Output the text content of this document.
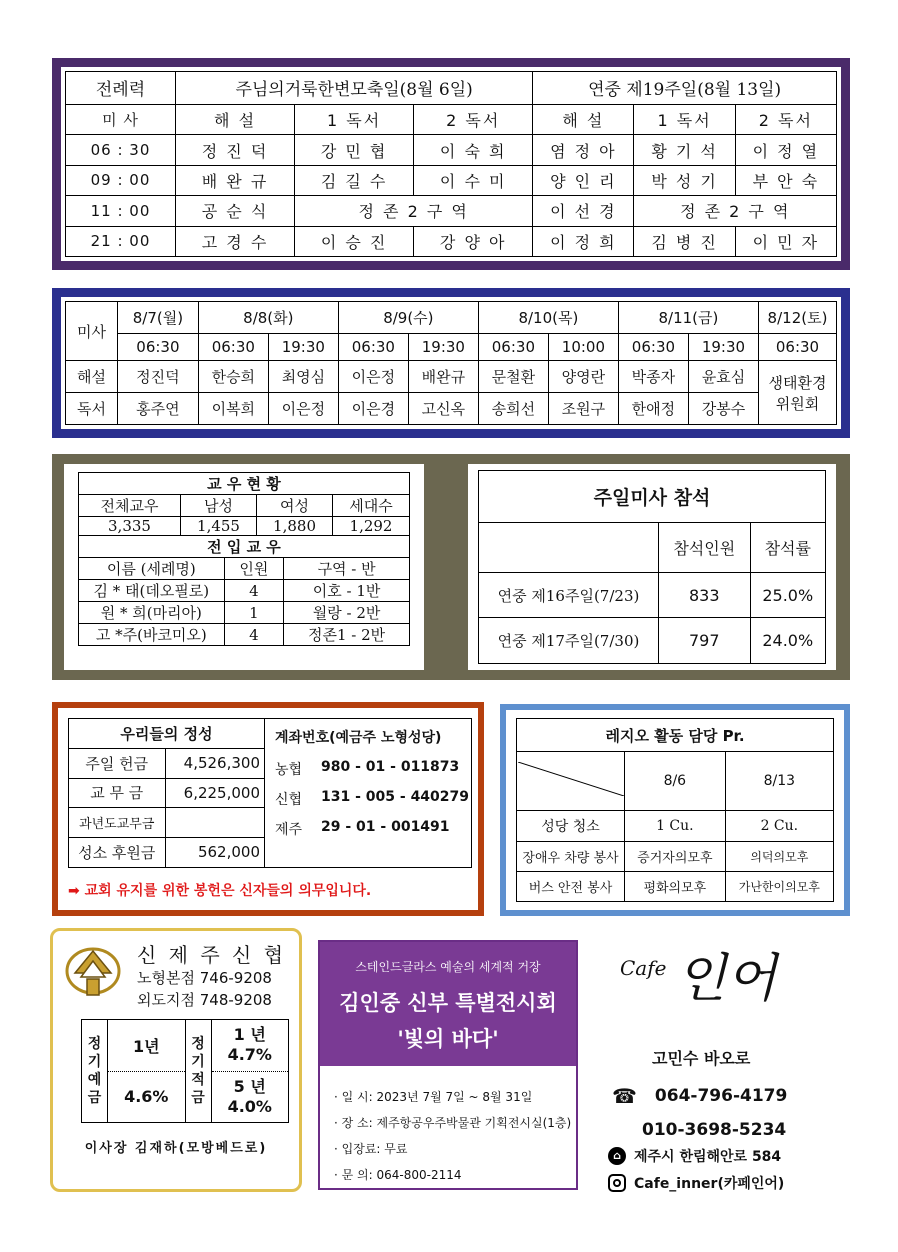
전례력	주님의거룩한변모축일(8월 6일)			연중 제19주일(8월 13일)		
미 사	해 설	1 독서	2 독서	해 설	1 독서	2 독서
06 : 30	정 진 덕	강 민 협	이 숙 희	염 정 아	황 기 석	이 정 열
09 : 00	배 완 규	김 길 수	이 수 미	양 인 리	박 성 기	부 안 숙
11 : 00	공 순 식	정 존 2 구 역		이 선 경	정 존 2 구 역	
21 : 00	고 경 수	이 승 진	강 양 아	이 정 희	김 병 진	이 민 자
미사	8/7(월)	8/8(화)		8/9(수)		8/10(목)		8/11(금)		8/12(토)
	06:30	06:30	19:30	06:30	19:30	06:30	10:00	06:30	19:30	06:30
해설	정진덕	한승희	최영심	이은정	배완규	문철환	양영란	박종자	윤효심	생태환경 위원회
독서	홍주연	이복희	이은정	이은경	고신옥	송희선	조원구	한애정	강봉수	
교 우 현 황			
전체교우	남성	여성	세대수
3,335	1,455	1,880	1,292
전 입 교 우		
이름 (세례명)	인원	구역 - 반
김 * 태(데오필로)	4	이호 - 1반
원 * 희(마리아)	1	월랑 - 2반
고 *주(바코미오)	4	정존1 - 2반
주일미사 참석		
	참석인원	참석률
연중 제16주일(7/23)	833	25.0%
연중 제17주일(7/30)	797	24.0%
우리들의 정성	
주일 헌금	4,526,300
교 무 금	6,225,000
과년도교무금	
성소 후원금	562,000
계좌번호(예금주 노형성당)
농협	980 - 01 - 011873
신협	131 - 005 - 440279
제주	29 - 01 - 001491
➡ 교회 유지를 위한 봉헌은 신자들의 의무입니다.
레지오 활동 담당 Pr.		
	8/6	8/13
성당 청소	1 Cu.	2 Cu.
장애우 차량 봉사	증거자의모후	의덕의모후
버스 안전 봉사	평화의모후	가난한이의모후
신 제 주 신 협
노형본점 746-9208
외도지점 748-9208
정기예금	1년	정기적금	1 년
4.7%

	4.6%		5 년
4.0%
이사장 김재하(모방베드로)
스테인드글라스 예술의 세계적 거장
김인중 신부 특별전시회
'빛의 바다'
· 일 시: 2023년 7월 7일 ~ 8월 31일
· 장 소: 제주항공우주박물관 기획전시실(1층)
· 입장료: 무료
· 문 의: 064-800-2114
Cafe 인어
고민수 바오로
☎ 064-796-4179
010-3698-5234
⌂ 제주시 한림해안로 584
Cafe_inner(카페인어)
